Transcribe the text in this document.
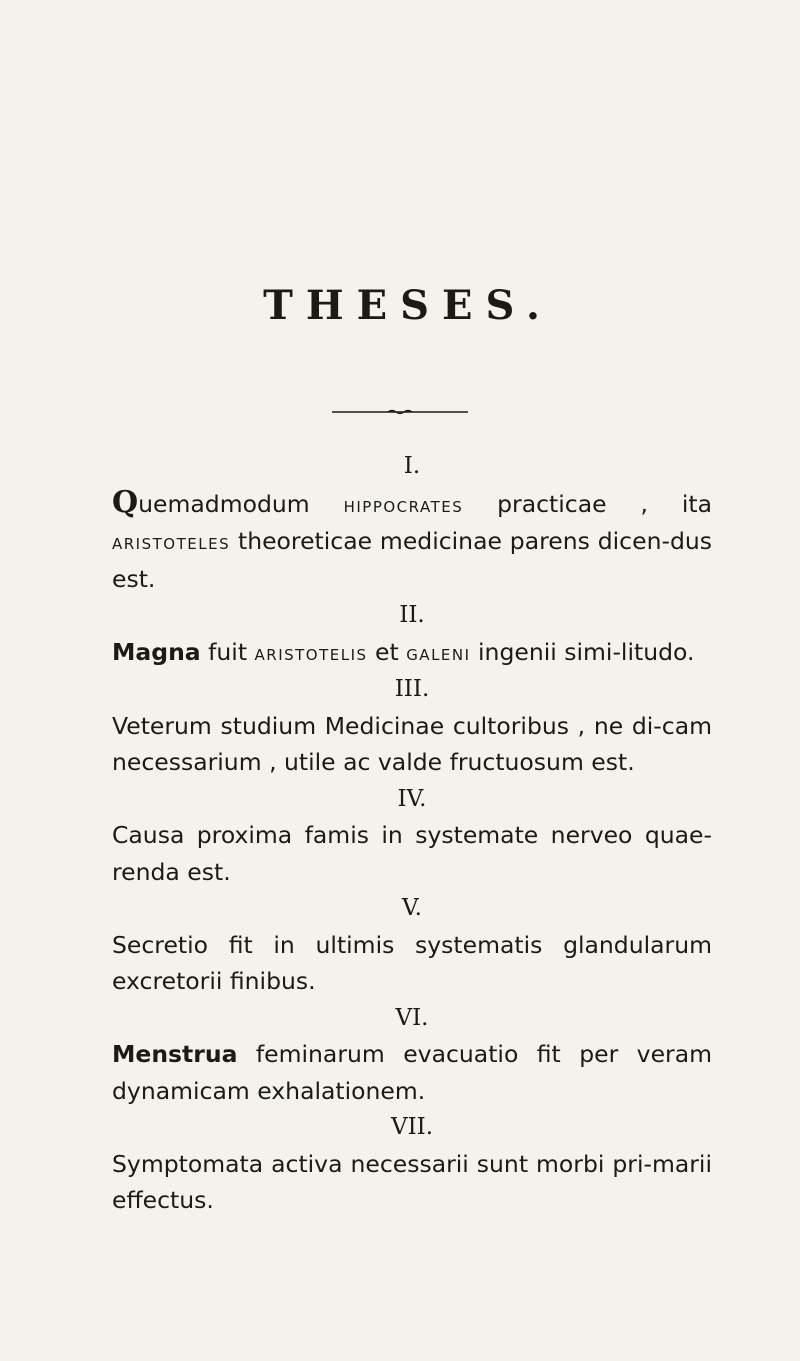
THESES.
I.
Quemadmodum hippocrates practicae , ita aristoteles theoreticae medicinae parens dicen-dus est.
II.
Magna fuit aristotelis et galeni ingenii simi-litudo.
III.
Veterum studium Medicinae cultoribus , ne di-cam necessarium , utile ac valde fructuosum est.
IV.
Causa proxima famis in systemate nerveo quae-renda est.
V.
Secretio fit in ultimis systematis glandularum excretorii finibus.
VI.
Menstrua feminarum evacuatio fit per veram dynamicam exhalationem.
VII.
Symptomata activa necessarii sunt morbi pri-marii effectus.
